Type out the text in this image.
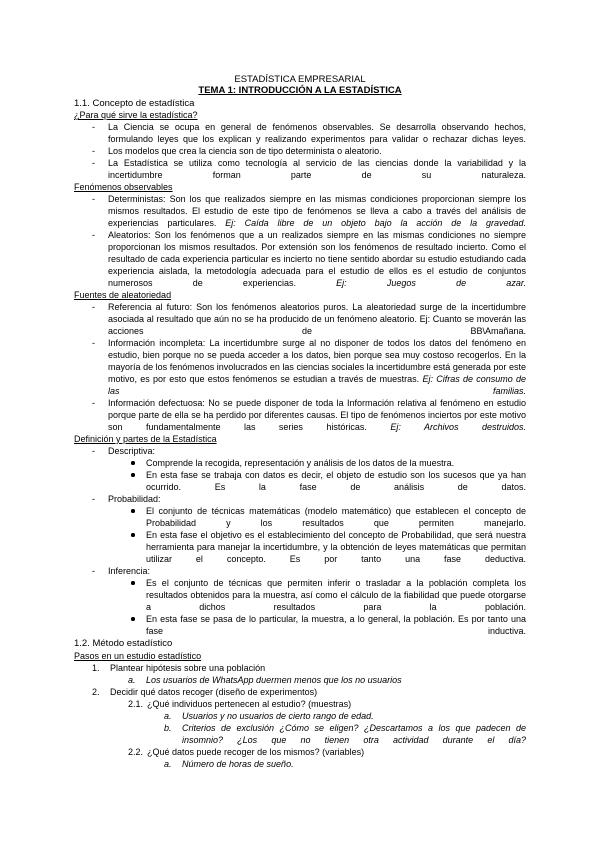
ESTADÍSTICA EMPRESARIAL
TEMA 1: INTRODUCCIÓN A LA ESTADÍSTICA
1.1. Concepto de estadística
¿Para qué sirve la estadística?
- La Ciencia se ocupa en general de fenómenos observables. Se desarrolla observando hechos, formulando leyes que los explican y realizando experimentos para validar o rechazar dichas leyes.
- Los modelos que crea la ciencia son de tipo determinista o aleatorio.
- La Estadística se utiliza como tecnología al servicio de las ciencias donde la variabilidad y la incertidumbre forman parte de su naturaleza.
Fenómenos observables
- Deterministas: Son los que realizados siempre en las mismas condiciones proporcionan siempre los mismos resultados. El estudio de este tipo de fenómenos se lleva a cabo a través del análisis de experiencias particulares. Ej: Caída libre de un objeto bajo la acción de la gravedad.
- Aleatorios: Son los fenómenos que a un realizados siempre en las mismas condiciones no siempre proporcionan los mismos resultados. Por extensión son los fenómenos de resultado incierto. Como el resultado de cada experiencia particular es incierto no tiene sentido abordar su estudio estudiando cada experiencia aislada, la metodología adecuada para el estudio de ellos es el estudio de conjuntos numerosos de experiencias.	Ej: Juegos de azar.
Fuentes de aleatoriedad
- Referencia al futuro: Son los fenómenos aleatorios puros. La aleatoriedad surge de la incertidumbre asociada al resultado que aún no se ha producido de un fenómeno aleatorio. Ej: Cuanto se moverán las acciones de BB\Amañana.
- Información incompleta: La incertidumbre surge al no disponer de todos los datos del fenómeno en estudio, bien porque no se pueda acceder a los datos, bien porque sea muy costoso recogerlos. En la mayoría de los fenómenos involucrados en las ciencias sociales la incertidumbre está generada por este motivo, es por esto que estos fenómenos se estudian a través de muestras. Ej: Cifras de consumo de las familias.
- Información defectuosa: No se puede disponer de toda la Información relativa al fenómeno en estudio porque parte de ella se ha perdido por diferentes causas. El tipo de fenómenos inciertos por este motivo son fundamentalmente las series históricas.	Ej: Archivos destruidos.
Definición y partes de la Estadística
- Descriptiva:
Comprende la recogida, representación y análisis de los datos de la muestra.
En esta fase se trabaja con datos es decir, el objeto de estudio son los sucesos que ya han ocurrido. Es la fase de análisis de datos.
- Probabilidad:
El conjunto de técnicas matemáticas (modelo matemático) que establecen el concepto de Probabilidad y los resultados que permiten manejarlo.
En esta fase el objetivo es el establecimiento del concepto de Probabilidad, que será nuestra herramienta para manejar la incertidumbre, y la obtención de leyes matemáticas que permitan utilizar el concepto. Es por tanto una fase deductiva.
- Inferencia:
Es el conjunto de técnicas que permiten inferir o trasladar a la población completa los resultados obtenidos para la muestra, así como el cálculo de la fiabilidad que puede otorgarse a dichos resultados para la población.
En esta fase se pasa de lo particular, la muestra, a lo general, la población. Es por tanto una fase inductiva.
1.2. Método estadístico
Pasos en un estudio estadístico
1. Plantear hipótesis sobre una población
a. Los usuarios de WhatsApp duermen menos que los no usuarios
2. Decidir qué datos recoger (diseño de experimentos)
2.1. ¿Qué individuos pertenecen al estudio? (muestras)
a. Usuarios y no usuarios de cierto rango de edad.
b. Criterios de exclusión ¿Cómo se eligen? ¿Descartamos a los que padecen de insomnio? ¿Los que no tienen otra actividad durante el día?
2.2. ¿Qué datos puede recoger de los mismos? (variables)
a. Número de horas de sueño.
